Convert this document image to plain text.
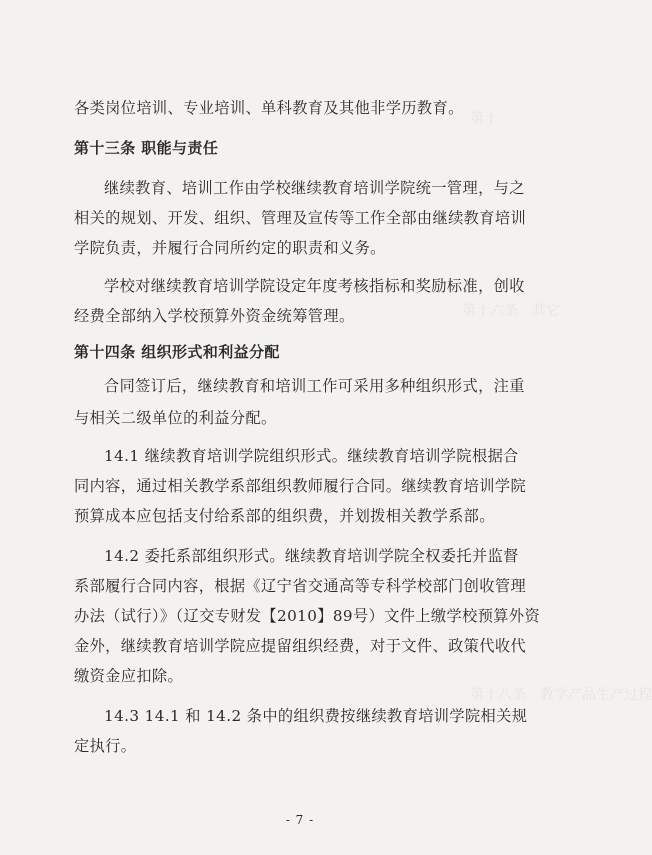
第十
第十六条　其它
第十八条　教学产品生产过程
各类岗位培训、专业培训、单科教育及其他非学历教育。
第十三条 职能与责任
继续教育、培训工作由学校继续教育培训学院统一管理，与之
相关的规划、开发、组织、管理及宣传等工作全部由继续教育培训
学院负责，并履行合同所约定的职责和义务。
学校对继续教育培训学院设定年度考核指标和奖励标准，创收
经费全部纳入学校预算外资金统筹管理。
第十四条 组织形式和利益分配
合同签订后，继续教育和培训工作可采用多种组织形式，注重
与相关二级单位的利益分配。
14.1 继续教育培训学院组织形式。继续教育培训学院根据合
同内容，通过相关教学系部组织教师履行合同。继续教育培训学院
预算成本应包括支付给系部的组织费，并划拨相关教学系部。
14.2 委托系部组织形式。继续教育培训学院全权委托并监督
系部履行合同内容，根据《辽宁省交通高等专科学校部门创收管理
办法（试行）》（辽交专财发【2010】89号）文件上缴学校预算外资
金外，继续教育培训学院应提留组织经费，对于文件、政策代收代
缴资金应扣除。
14.3 14.1 和 14.2 条中的组织费按继续教育培训学院相关规
定执行。
- 7 -
